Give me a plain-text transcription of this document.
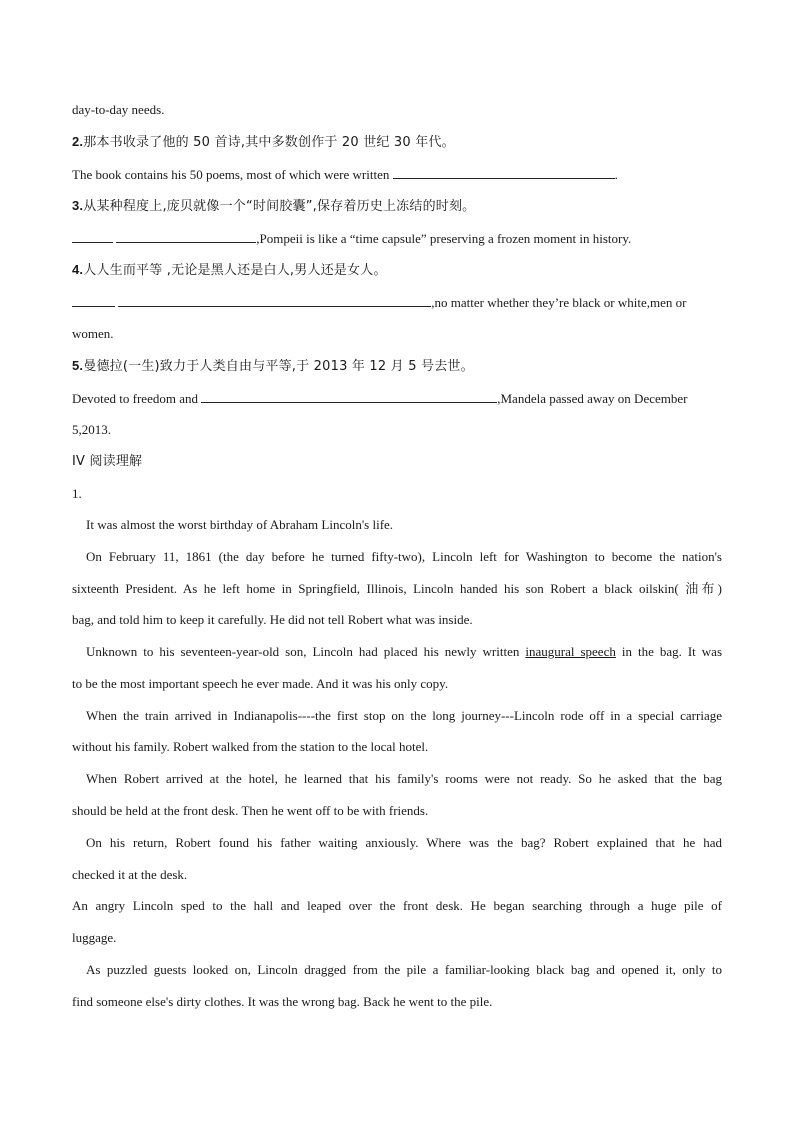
day-to-day needs.
2.那本书收录了他的 50 首诗,其中多数创作于 20 世纪 30 年代。
The book contains his 50 poems, most of which were written	.
3.从某种程度上,庞贝就像一个“时间胶囊”,保存着历史上冻结的时刻。
,Pompeii is like a “time capsule” preserving a frozen moment in history.
4.人人生而平等 ,无论是黑人还是白人,男人还是女人。
,no matter whether they’re black or white,men or
women.
5.曼德拉(一生)致力于人类自由与平等,于 2013 年 12 月 5 号去世。
Devoted to freedom and	,Mandela passed away on December
5,2013.
IV 阅读理解
1.
It was almost the worst birthday of Abraham Lincoln's life.
On February 11, 1861 (the day before he turned fifty-two), Lincoln left for Washington to become the nation's
sixteenth President. As he left home in Springfield, Illinois, Lincoln handed his son Robert a black oilskin( 油布)
bag, and told him to keep it carefully. He did not tell Robert what was inside.
Unknown to his seventeen-year-old son, Lincoln had placed his newly written inaugural speech in the bag. It was
to be the most important speech he ever made. And it was his only copy.
When the train arrived in Indianapolis----the first stop on the long journey---Lincoln rode off in a special carriage
without his family. Robert walked from the station to the local hotel.
When Robert arrived at the hotel, he learned that his family's rooms were not ready. So he asked that the bag
should be held at the front desk. Then he went off to be with friends.
On his return, Robert found his father waiting anxiously. Where was the bag? Robert explained that he had
checked it at the desk.
An angry Lincoln sped to the hall and leaped over the front desk. He began searching through a huge pile of
luggage.
As puzzled guests looked on, Lincoln dragged from the pile a familiar-looking black bag and opened it, only to
find someone else's dirty clothes. It was the wrong bag. Back he went to the pile.
